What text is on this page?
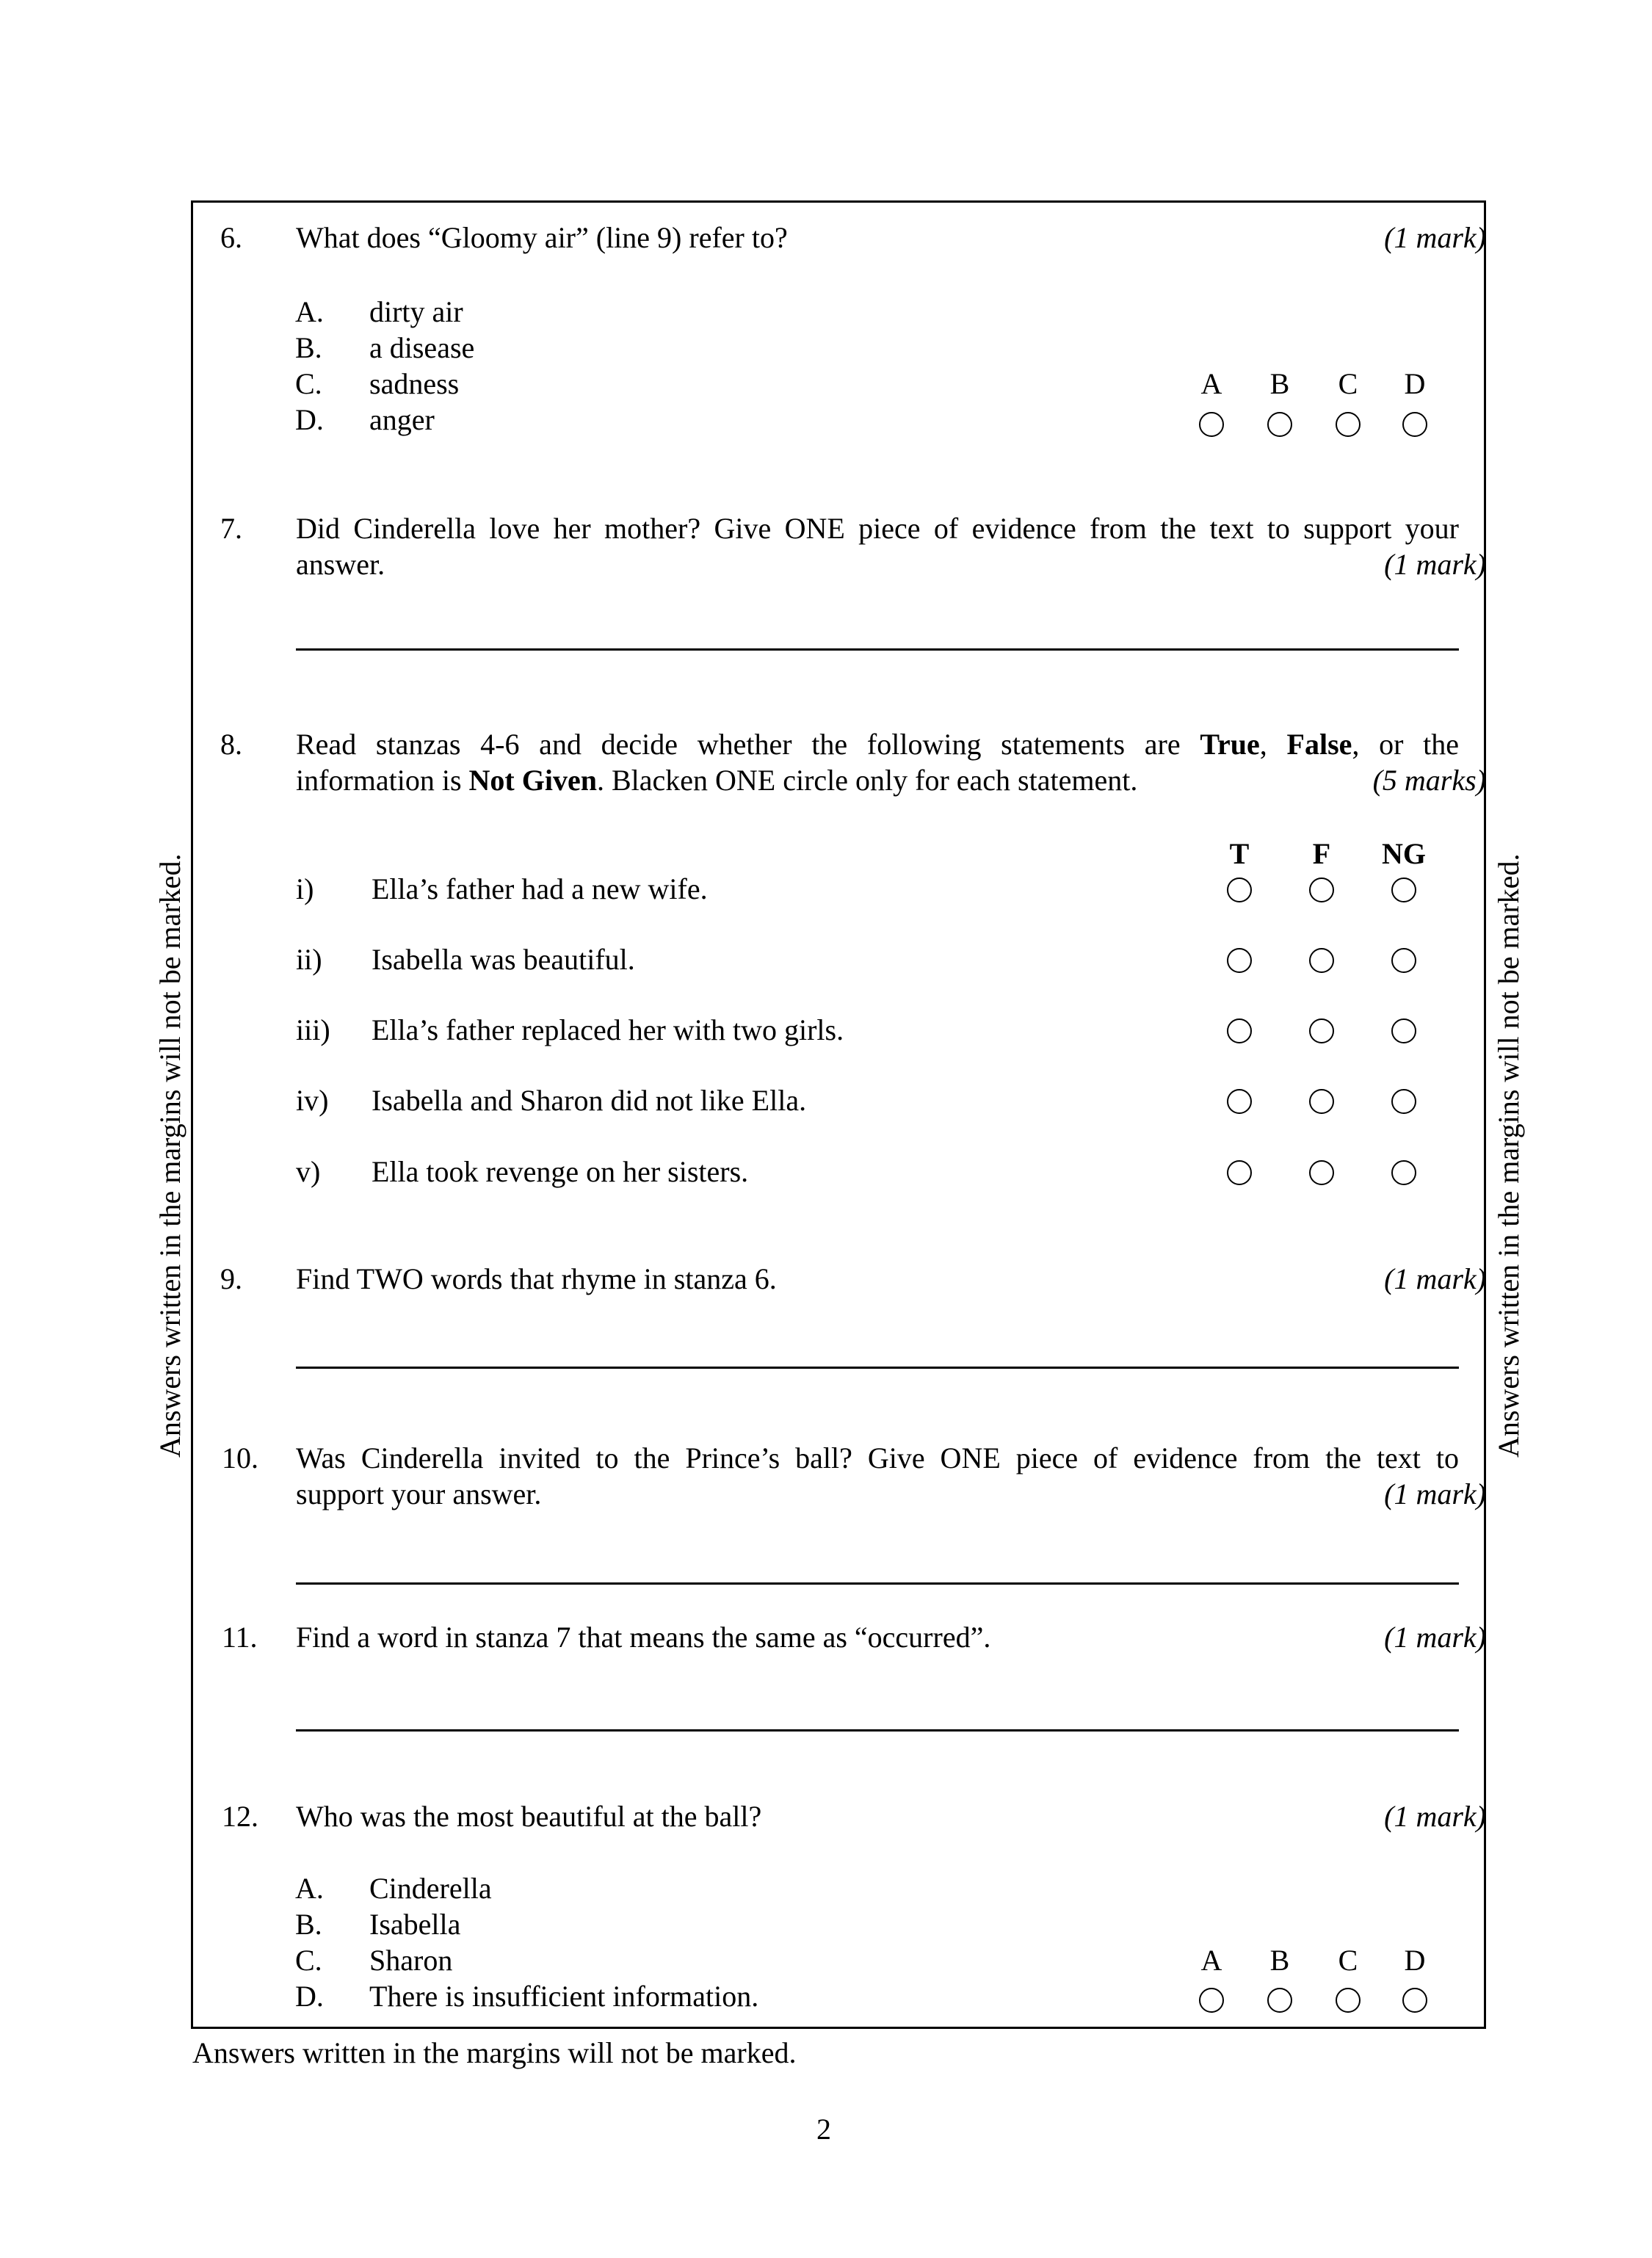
Answers written in the margins will not be marked.	Answers written in the margins will not be marked.
6. What does “Gloomy air” (line 9) refer to?	(1 mark)
A. dirty air
B. a disease
C. sadness
D. anger
A	B	C	D
7. Did Cinderella love her mother? Give ONE piece of evidence from the text to support your
answer.	(1 mark)
8. Read stanzas 4-6 and decide whether the following statements are True, False, or the
information is Not Given. Blacken ONE circle only for each statement.	(5 marks)
T	F	NG
i) Ella’s father had a new wife.
ii) Isabella was beautiful.
iii) Ella’s father replaced her with two girls.
iv) Isabella and Sharon did not like Ella.
v) Ella took revenge on her sisters.
9. Find TWO words that rhyme in stanza 6.	(1 mark)
10. Was Cinderella invited to the Prince’s ball? Give ONE piece of evidence from the text to
support your answer.	(1 mark)
11. Find a word in stanza 7 that means the same as “occurred”.	(1 mark)
12. Who was the most beautiful at the ball?	(1 mark)
A. Cinderella
B. Isabella
C. Sharon
D. There is insufficient information.
A	B	C	D
Answers written in the margins will not be marked.
2
